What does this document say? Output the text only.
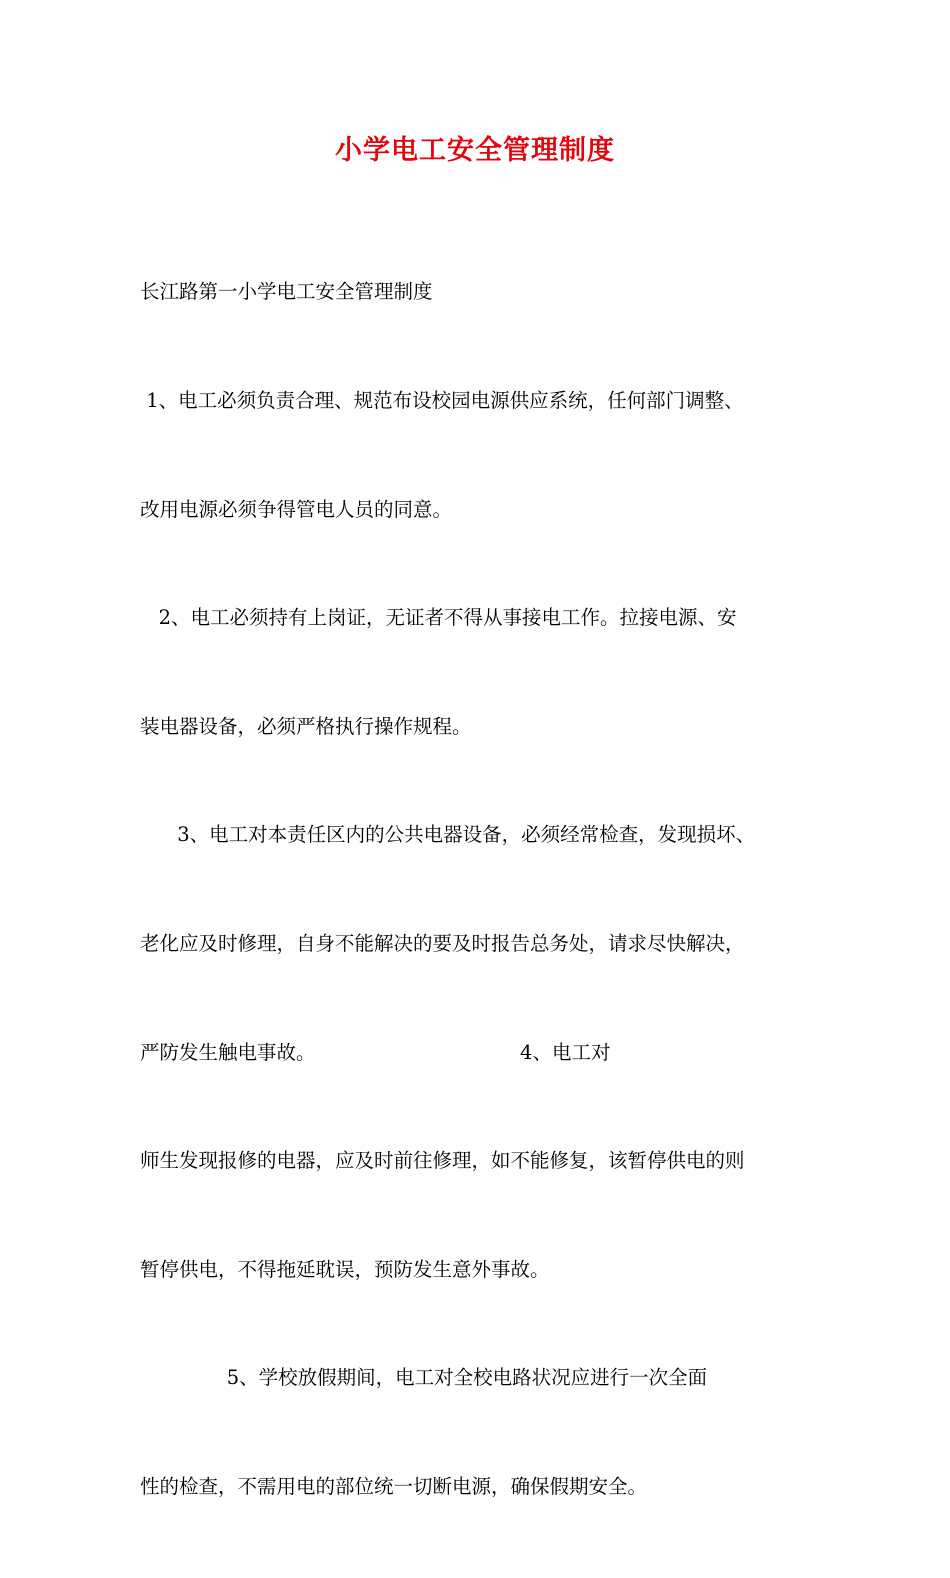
小学电工安全管理制度

长江路第一小学电工安全管理制度

1、电工必须负责合理、规范布设校园电源供应系统，任何部门调整、

改用电源必须争得管电人员的同意。

2、电工必须持有上岗证，无证者不得从事接电工作。拉接电源、安

装电器设备，必须严格执行操作规程。

3、电工对本责任区内的公共电器设备，必须经常检查，发现损坏、

老化应及时修理，自身不能解决的要及时报告总务处，请求尽快解决，

严防发生触电事故。                                 4、电工对

师生发现报修的电器，应及时前往修理，如不能修复，该暂停供电的则

暂停供电，不得拖延耽误，预防发生意外事故。

5、学校放假期间，电工对全校电路状况应进行一次全面

性的检查，不需用电的部位统一切断电源，确保假期安全。
